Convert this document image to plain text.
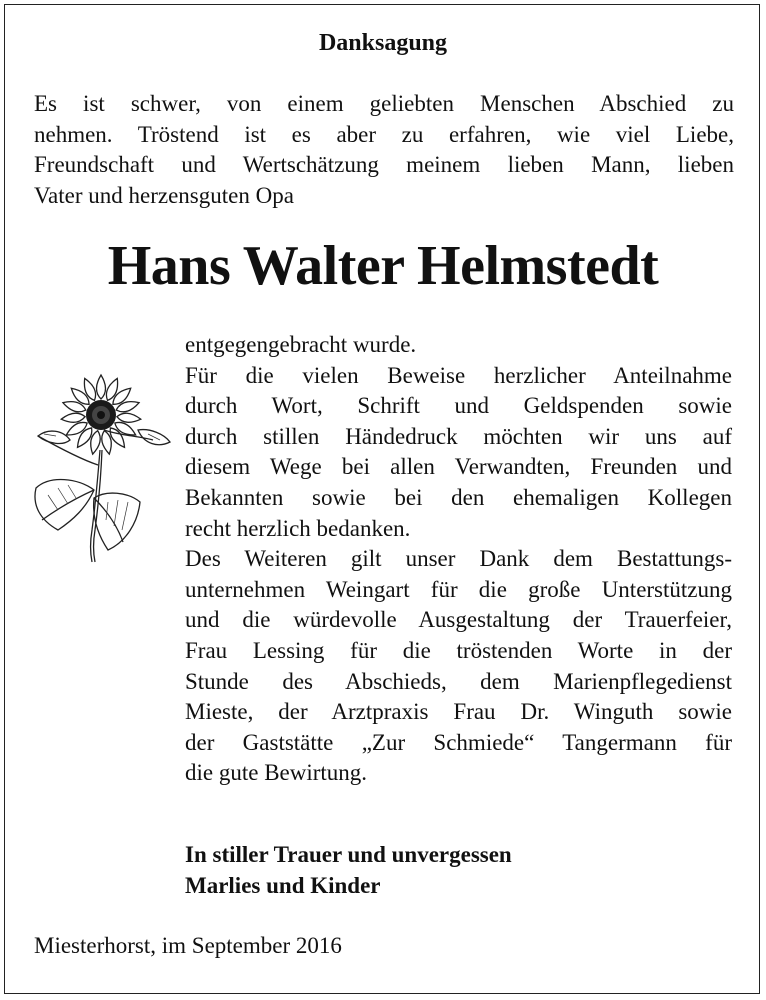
Danksagung
Es ist schwer, von einem geliebten Menschen Abschied zu
nehmen. Tröstend ist es aber zu erfahren, wie viel Liebe,
Freundschaft und Wertschätzung meinem lieben Mann, lieben
Vater und herzensguten Opa
Hans Walter Helmstedt
entgegengebracht wurde.
Für die vielen Beweise herzlicher Anteilnahme
durch Wort, Schrift und Geldspenden sowie
durch stillen Händedruck möchten wir uns auf
diesem Wege bei allen Verwandten, Freunden und
Bekannten sowie bei den ehemaligen Kollegen
recht herzlich bedanken.
Des Weiteren gilt unser Dank dem Bestattungs-
unternehmen Weingart für die große Unterstützung
und die würdevolle Ausgestaltung der Trauerfeier,
Frau Lessing für die tröstenden Worte in der
Stunde des Abschieds, dem Marienpflegedienst
Mieste, der Arztpraxis Frau Dr. Winguth sowie
der Gaststätte „Zur Schmiede“ Tangermann für
die gute Bewirtung.
In stiller Trauer und unvergessen
Marlies und Kinder
Miesterhorst, im September 2016
